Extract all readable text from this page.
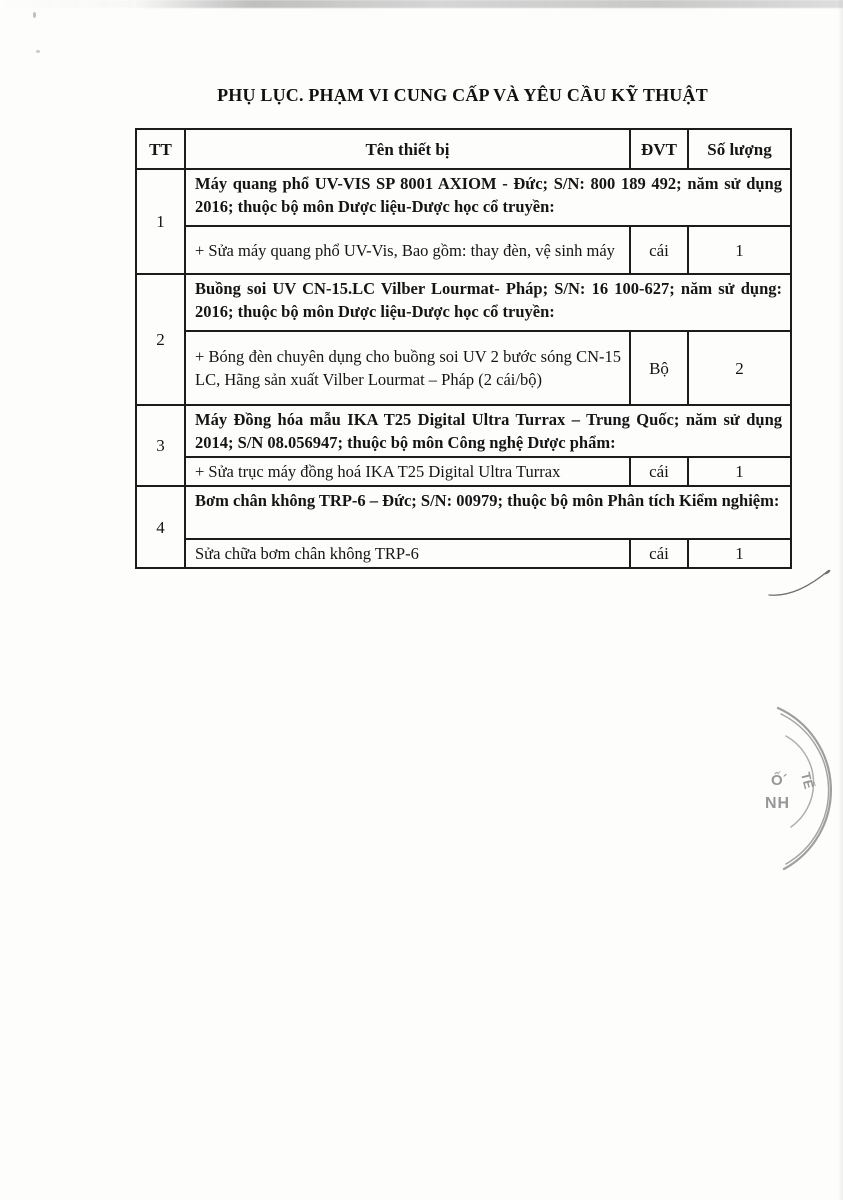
PHỤ LỤC. PHẠM VI CUNG CẤP VÀ YÊU CẦU KỸ THUẬT
TT	Tên thiết bị	ĐVT	Số lượng
1	Máy quang phổ UV-VIS SP 8001 AXIOM - Đức; S/N: 800 189 492; năm sử dụng 2016; thuộc bộ môn Dược liệu-Dược học cổ truyền:		
	+ Sửa máy quang phổ UV-Vis, Bao gồm: thay đèn, vệ sinh máy	cái	1
2	Buồng soi UV CN-15.LC Vilber Lourmat- Pháp; S/N: 16 100-627; năm sử dụng: 2016; thuộc bộ môn Dược liệu-Dược học cổ truyền:		
	+ Bóng đèn chuyên dụng cho buồng soi UV 2 bước sóng CN-15 LC, Hãng sản xuất Vilber Lourmat – Pháp (2 cái/bộ)	Bộ	2
3	Máy Đồng hóa mẫu IKA T25 Digital Ultra Turrax – Trung Quốc; năm sử dụng 2014; S/N 08.056947; thuộc bộ môn Công nghệ Dược phẩm:		
	+ Sửa trục máy đồng hoá IKA T25 Digital Ultra Turrax	cái	1
4	Bơm chân không TRP-6 – Đức; S/N: 00979; thuộc bộ môn Phân tích Kiểm nghiệm:		
	Sửa chữa bơm chân không TRP-6	cái	1
Ố´
NH
TẾ
